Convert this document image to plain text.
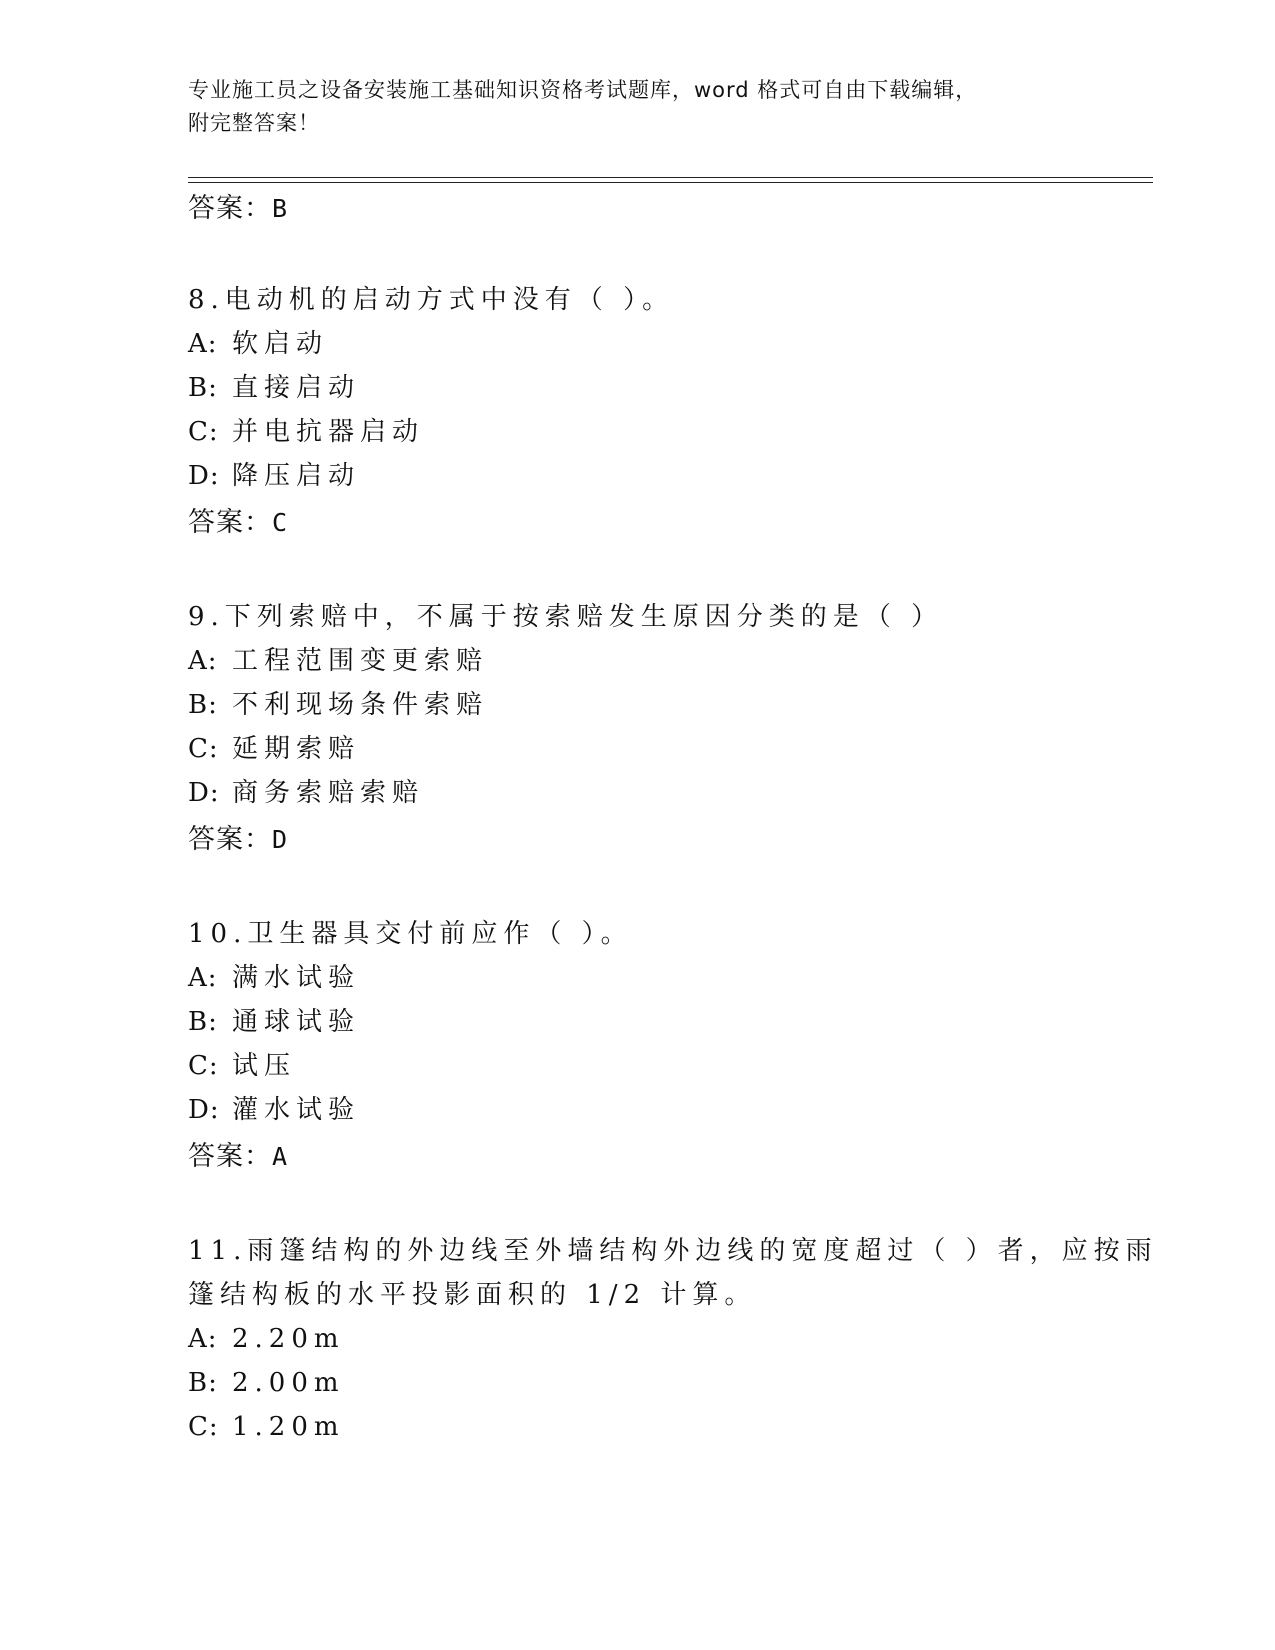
专业施工员之设备安装施工基础知识资格考试题库，word 格式可自由下载编辑，
附完整答案！
答案：B
8.电动机的启动方式中没有（ ）。
A: 软启动
B: 直接启动
C: 并电抗器启动
D: 降压启动
答案：C
9.下列索赔中，不属于按索赔发生原因分类的是（ ）
A: 工程范围变更索赔
B: 不利现场条件索赔
C: 延期索赔
D: 商务索赔索赔
答案：D
10.卫生器具交付前应作（ ）。
A: 满水试验
B: 通球试验
C: 试压
D: 灌水试验
答案：A
11.雨篷结构的外边线至外墙结构外边线的宽度超过（ ）者，应按雨
篷结构板的水平投影面积的 1/2 计算。
A: 2.20m
B: 2.00m
C: 1.20m
